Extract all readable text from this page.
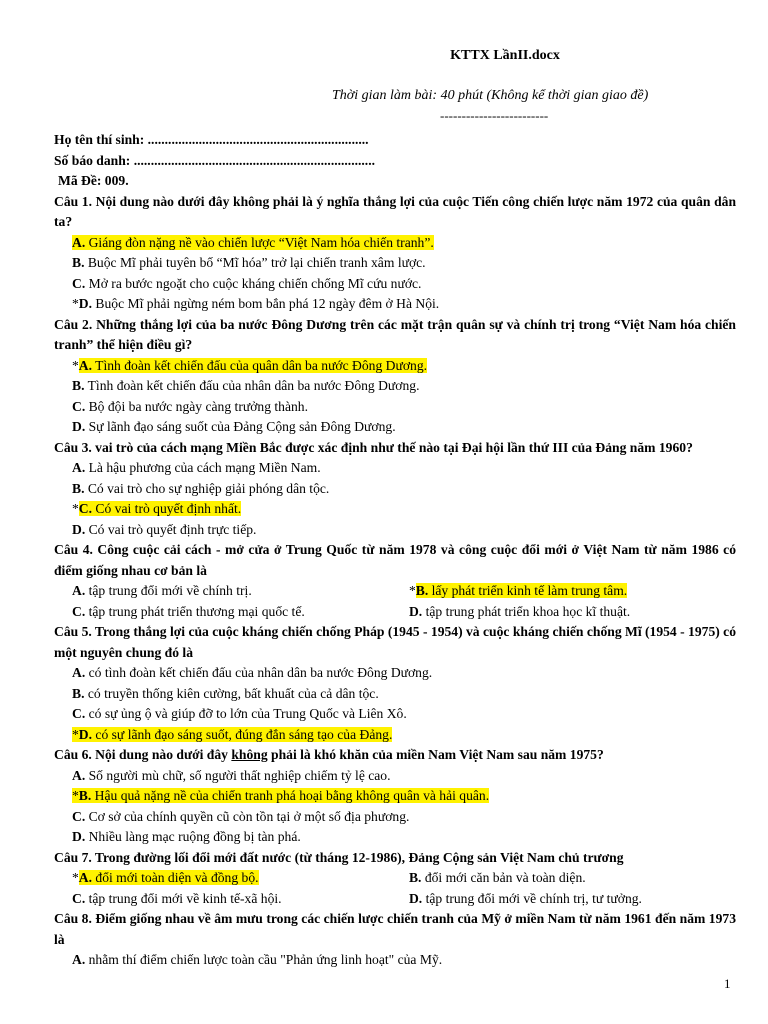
KTTX LầnII.docx
Thời gian làm bài: 40 phút (Không kể thời gian giao đề)
-------------------------
Họ tên thí sinh: .................................................................
Số báo danh: .......................................................................
Mã Đề: 009.
Câu 1. Nội dung nào dưới đây không phải là ý nghĩa thắng lợi của cuộc Tiến công chiến lược năm 1972 của quân dân ta?
A. Giáng đòn nặng nề vào chiến lược “Việt Nam hóa chiến tranh”.
B. Buộc Mĩ phải tuyên bố “Mĩ hóa” trở lại chiến tranh xâm lược.
C. Mở ra bước ngoặt cho cuộc kháng chiến chống Mĩ cứu nước.
*D. Buộc Mĩ phải ngừng ném bom bắn phá 12 ngày đêm ở Hà Nội.
Câu 2. Những thắng lợi của ba nước Đông Dương trên các mặt trận quân sự và chính trị trong “Việt Nam hóa chiến tranh” thể hiện điều gì?
*A. Tình đoàn kết chiến đấu của quân dân ba nước Đông Dương.
B. Tình đoàn kết chiến đấu của nhân dân ba nước Đông Dương.
C. Bộ đội ba nước ngày càng trưởng thành.
D. Sự lãnh đạo sáng suốt của Đảng Cộng sản Đông Dương.
Câu 3. vai trò của cách mạng Miền Bắc được xác định như thế nào tại Đại hội lần thứ III của Đảng năm 1960?
A. Là hậu phương của cách mạng Miền Nam.
B. Có vai trò cho sự nghiệp giải phóng dân tộc.
*C. Có vai trò quyết định nhất.
D. Có vai trò quyết định trực tiếp.
Câu 4. Công cuộc cải cách - mở cửa ở Trung Quốc từ năm 1978 và công cuộc đổi mới ở Việt Nam từ năm 1986 có điểm giống nhau cơ bản là
A. tập trung đổi mới về chính trị.	*B. lấy phát triển kinh tế làm trung tâm.
C. tập trung phát triển thương mại quốc tế.	D. tập trung phát triển khoa học kĩ thuật.
Câu 5. Trong thắng lợi của cuộc kháng chiến chống Pháp (1945 - 1954) và cuộc kháng chiến chống Mĩ (1954 - 1975) có một nguyên chung đó là
A. có tình đoàn kết chiến đấu của nhân dân ba nước Đông Dương.
B. có truyền thống kiên cường, bất khuất của cả dân tộc.
C. có sự ủng ộ và giúp đỡ to lớn của Trung Quốc và Liên Xô.
*D. có sự lãnh đạo sáng suốt, đúng đắn sáng tạo của Đảng.
Câu 6. Nội dung nào dưới đây không phải là khó khăn của miền Nam Việt Nam sau năm 1975?
A. Số người mù chữ, số người thất nghiệp chiếm tỷ lệ cao.
*B. Hậu quả nặng nề của chiến tranh phá hoại bằng không quân và hải quân.
C. Cơ sở của chính quyền cũ còn tồn tại ở một số địa phương.
D. Nhiều làng mạc ruộng đồng bị tàn phá.
Câu 7. Trong đường lối đổi mới đất nước (từ tháng 12-1986), Đảng Cộng sản Việt Nam chủ trương
*A. đổi mới toàn diện và đồng bộ.	B. đổi mới căn bản và toàn diện.
C. tập trung đổi mới về kinh tế-xã hội.	D. tập trung đổi mới về chính trị, tư tưởng.
Câu 8. Điểm giống nhau về âm mưu trong các chiến lược chiến tranh của Mỹ ở miền Nam từ năm 1961 đến năm 1973 là
A. nhằm thí điểm chiến lược toàn cầu "Phản ứng linh hoạt" của Mỹ.
1
